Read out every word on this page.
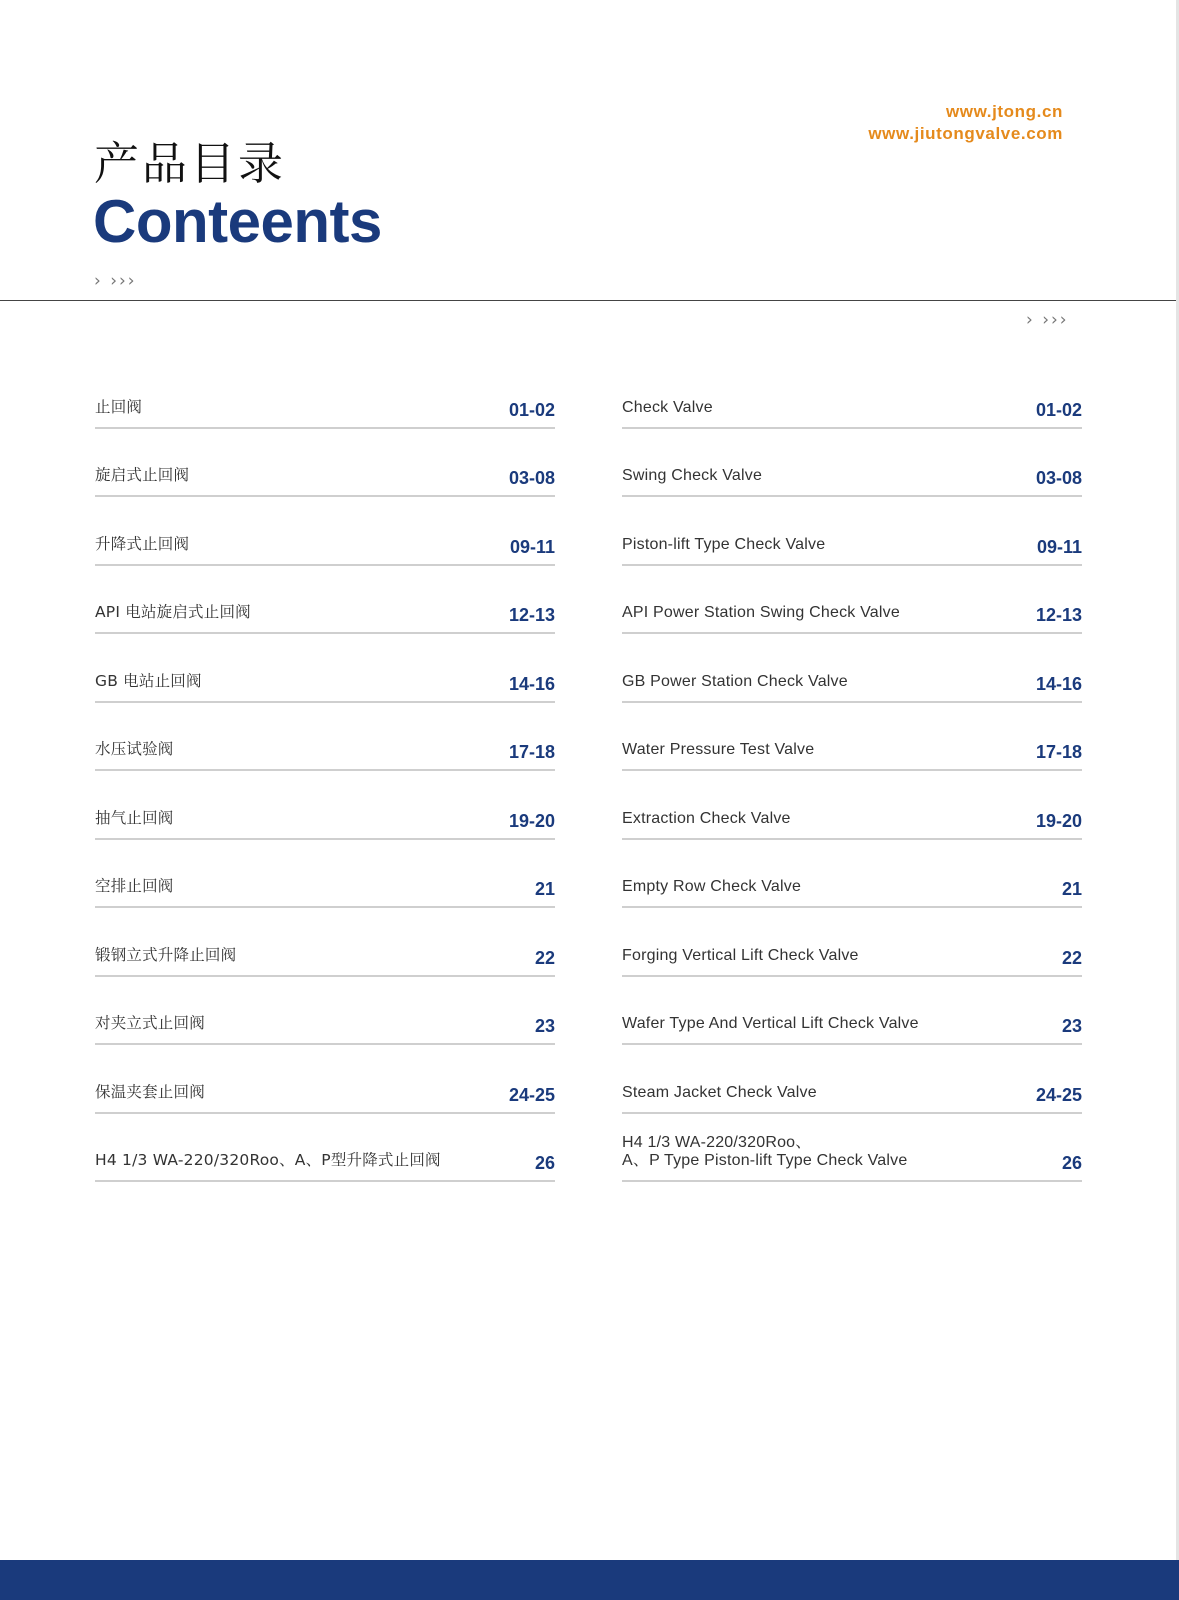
www.jtong.cn
www.jiutongvalve.com
产品目录
Conteents
› ›››
› ›››
止回阀	01-02
旋启式止回阀	03-08
升降式止回阀	09-11
API 电站旋启式止回阀	12-13
GB 电站止回阀	14-16
水压试验阀	17-18
抽气止回阀	19-20
空排止回阀	21
锻钢立式升降止回阀	22
对夹立式止回阀	23
保温夹套止回阀	24-25
H4 1/3 WA-220/320Roo、A、P型升降式止回阀	26
Check Valve	01-02
Swing Check Valve	03-08
Piston-lift Type Check Valve	09-11
API Power Station Swing Check Valve	12-13
GB Power Station Check Valve	14-16
Water Pressure Test Valve	17-18
Extraction Check Valve	19-20
Empty Row Check Valve	21
Forging Vertical Lift Check Valve	22
Wafer Type And Vertical Lift Check Valve	23
Steam Jacket Check Valve	24-25
H4 1/3 WA-220/320Roo、
A、P Type Piston-lift Type Check Valve	26
